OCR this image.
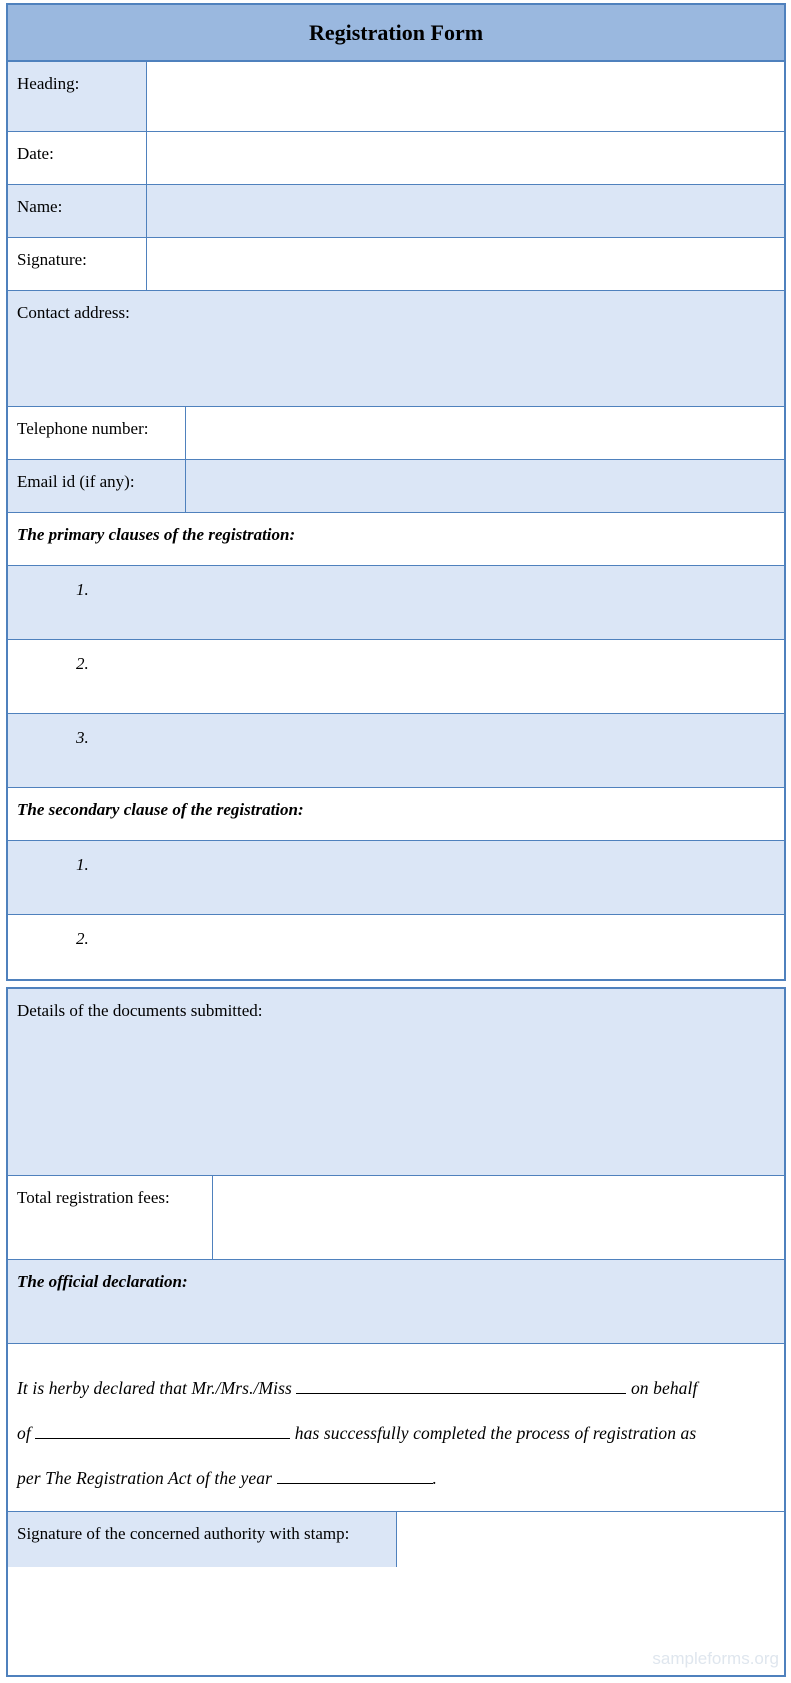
Registration Form
Heading:
Date:
Name:
Signature:
Contact address:
Telephone number:
Email id (if any):
The primary clauses of the registration:
1.
2.
3.
The secondary clause of the registration:
1.
2.
Details of the documents submitted:
Total registration fees:
The official declaration:
It is herby declared that Mr./Mrs./Miss	on behalf
of	has successfully completed the process of registration as
per The Registration Act of the year	.
Signature of the concerned authority with stamp:
sampleforms.org
